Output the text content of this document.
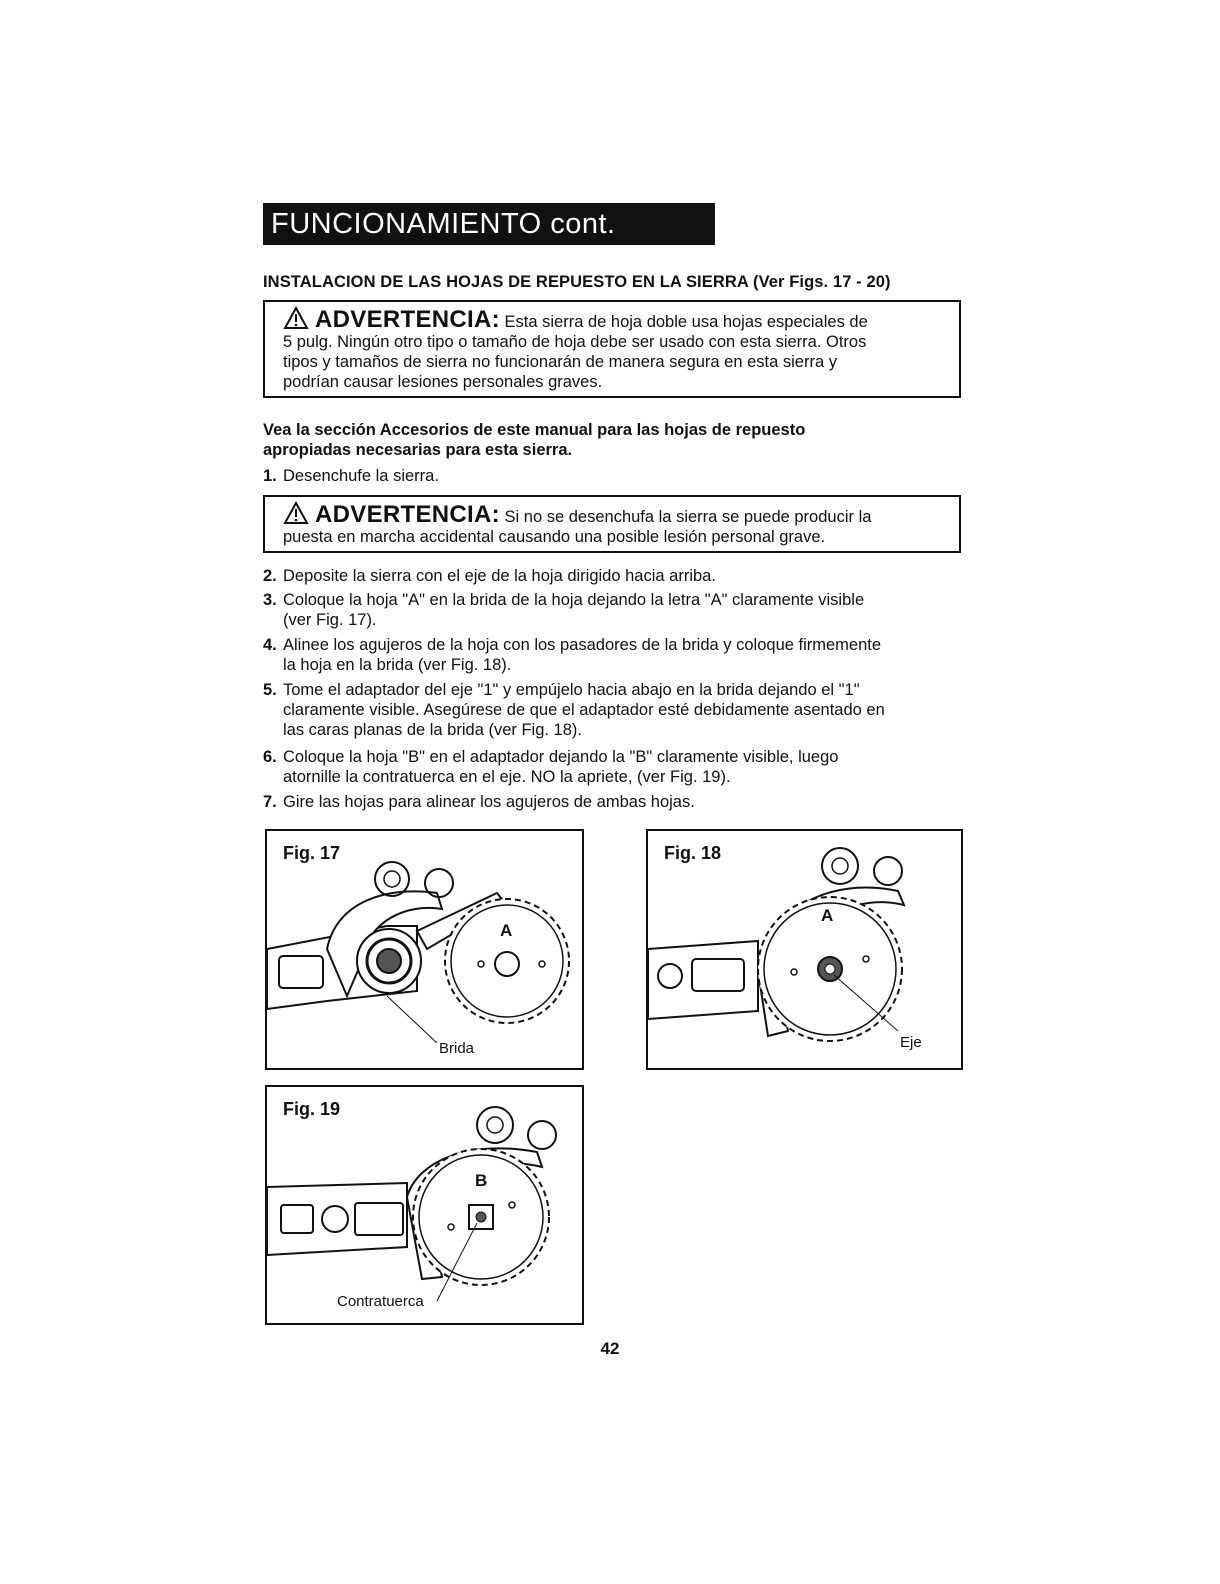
FUNCIONAMIENTO cont.
INSTALACION DE LAS HOJAS DE REPUESTO EN LA SIERRA (Ver Figs. 17 - 20)
ADVERTENCIA: Esta sierra de hoja doble usa hojas especiales de
5 pulg. Ningún otro tipo o tamaño de hoja debe ser usado con esta sierra. Otros
tipos y tamaños de sierra no funcionarán de manera segura en esta sierra y
podrían causar lesiones personales graves.
Vea la sección Accesorios de este manual para las hojas de repuesto
apropiadas necesarias para esta sierra.
1. Desenchufe la sierra.
ADVERTENCIA: Si no se desenchufa la sierra se puede producir la
puesta en marcha accidental causando una posible lesión personal grave.
2. Deposite la sierra con el eje de la hoja dirigido hacia arriba.
3. Coloque la hoja "A" en la brida de la hoja dejando la letra "A" claramente visible
(ver Fig. 17).
4. Alinee los agujeros de la hoja con los pasadores de la brida y coloque firmemente
la hoja en la brida (ver Fig. 18).
5. Tome el adaptador del eje "1" y empújelo hacia abajo en la brida dejando el "1"
claramente visible. Asegúrese de que el adaptador esté debidamente asentado en
las caras planas de la brida (ver Fig. 18).
6. Coloque la hoja "B" en el adaptador dejando la "B" claramente visible, luego
atornille la contratuerca en el eje. NO la apriete, (ver Fig. 19).
7. Gire las hojas para alinear los agujeros de ambas hojas.
Fig. 17
A
Brida
Fig. 18
A
Eje
Fig. 19
B
Contratuerca
42
